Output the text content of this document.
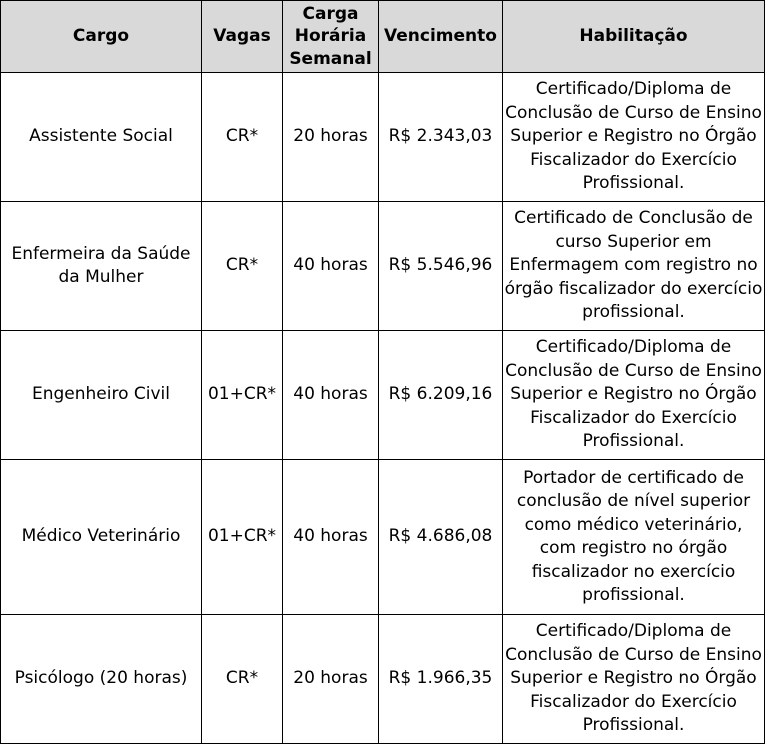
Cargo	Vagas	Carga Horária Semanal	Vencimento	Habilitação
Assistente Social	CR*	20 horas	R$ 2.343,03	Certificado/Diploma de Conclusão de Curso de Ensino Superior e Registro no Órgão Fiscalizador do Exercício Profissional.
Enfermeira da Saúde da Mulher	CR*	40 horas	R$ 5.546,96	Certificado de Conclusão de curso Superior em Enfermagem com registro no órgão fiscalizador do exercício profissional.
Engenheiro Civil	01+CR*	40 horas	R$ 6.209,16	Certificado/Diploma de Conclusão de Curso de Ensino Superior e Registro no Órgão Fiscalizador do Exercício Profissional.
Médico Veterinário	01+CR*	40 horas	R$ 4.686,08	Portador de certificado de conclusão de nível superior como médico veterinário, com registro no órgão fiscalizador no exercício profissional.
Psicólogo (20 horas)	CR*	20 horas	R$ 1.966,35	Certificado/Diploma de Conclusão de Curso de Ensino Superior e Registro no Órgão Fiscalizador do Exercício Profissional.
